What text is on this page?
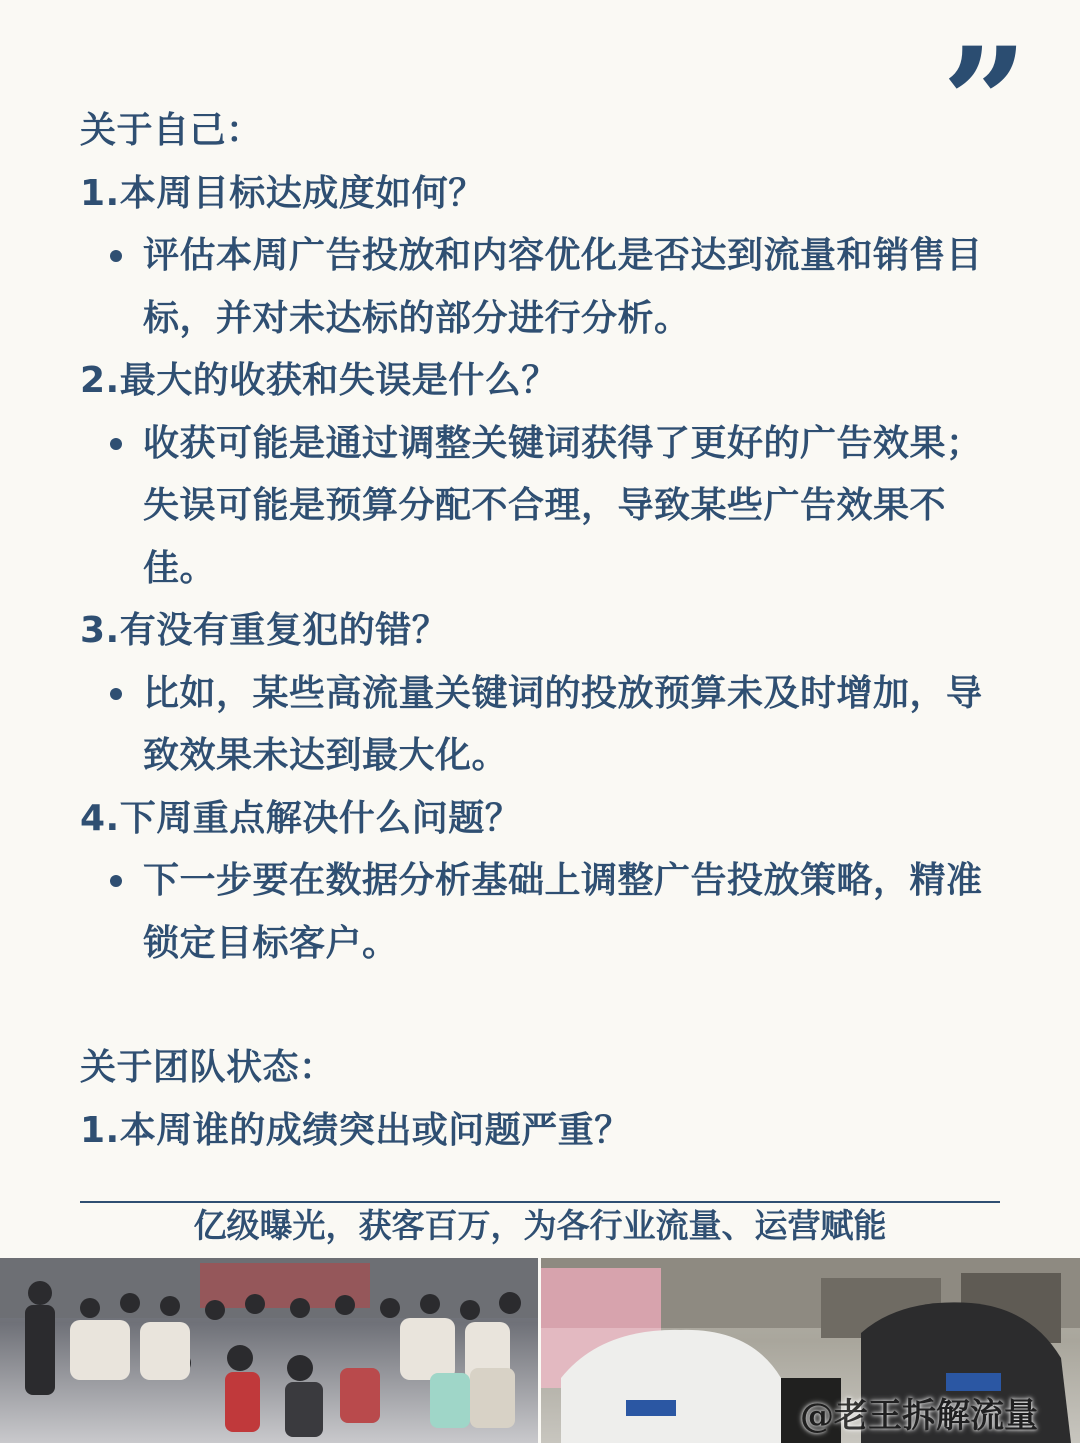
”
关于自己：
1.本周目标达成度如何？
评估本周广告投放和内容优化是否达到流量和销售目
标，并对未达标的部分进行分析。
2.最大的收获和失误是什么？
收获可能是通过调整关键词获得了更好的广告效果；
失误可能是预算分配不合理，导致某些广告效果不
佳。
3.有没有重复犯的错？
比如，某些高流量关键词的投放预算未及时增加，导
致效果未达到最大化。
4.下周重点解决什么问题？
下一步要在数据分析基础上调整广告投放策略，精准
锁定目标客户。
关于团队状态：
1.本周谁的成绩突出或问题严重？
亿级曝光，获客百万，为各行业流量、运营赋能
@老王拆解流量
